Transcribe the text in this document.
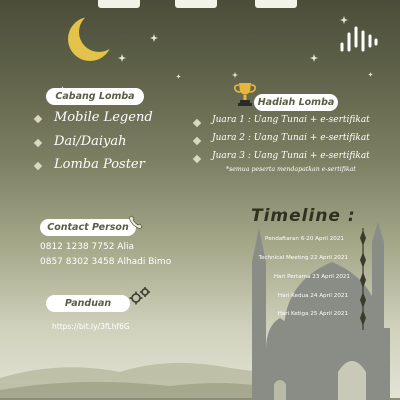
Cabang Lomba
Mobile Legend
Dai/Daiyah
Lomba Poster
Hadiah Lomba
Juara 1 : Uang Tunai + e-sertifikat
Juara 2 : Uang Tunai + e-sertifikat
Juara 3 : Uang Tunai + e-sertifikat
*semua peserta mendapatkan e-sertifikat
Contact Person
0812 1238 7752 Alia
0857 8302 3458 Alhadi Bimo
Panduan
https://bit.ly/3fLhf6G
Timeline :
Pendaftaran 6-20 April 2021
Technical Meeting 22 April 2021
Hari Pertama 23 April 2021
Hari Kedua 24 April 2021
Hari Ketiga 25 April 2021
